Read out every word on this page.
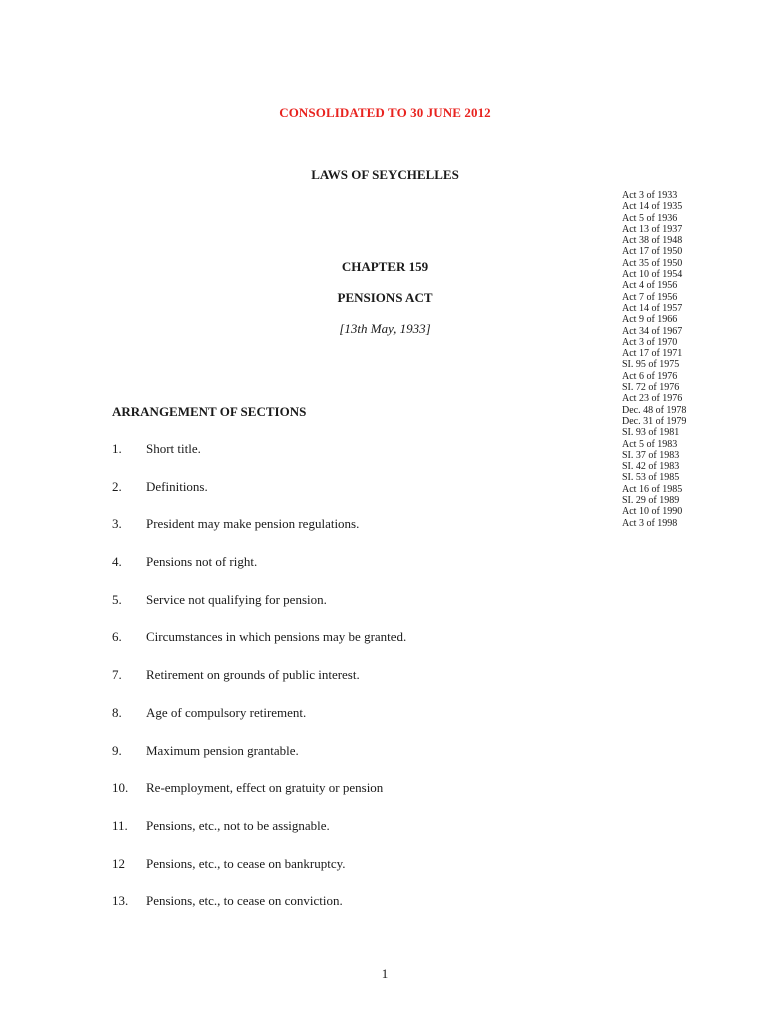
CONSOLIDATED TO 30 JUNE 2012
LAWS OF SEYCHELLES
CHAPTER 159
PENSIONS ACT
[13th May, 1933]
Act 3 of 1933
Act 14 of 1935
Act 5 of 1936
Act 13 of 1937
Act 38 of 1948
Act 17 of 1950
Act 35 of 1950
Act 10 of 1954
Act 4 of 1956
Act 7 of 1956
Act 14 of 1957
Act 9 of 1966
Act 34 of 1967
Act 3 of 1970
Act 17 of 1971
SI. 95 of 1975
Act 6 of 1976
SI. 72 of 1976
Act 23 of 1976
Dec. 48 of 1978
Dec. 31 of 1979
SI. 93 of 1981
Act 5 of 1983
SI. 37 of 1983
SI. 42 of 1983
SI. 53 of 1985
Act 16 of 1985
SI. 29 of 1989
Act 10 of 1990
Act 3 of 1998
ARRANGEMENT OF SECTIONS
1.	Short title.
2.	Definitions.
3.	President may make pension regulations.
4.	Pensions not of right.
5.	Service not qualifying for pension.
6.	Circumstances in which pensions may be granted.
7.	Retirement on grounds of public interest.
8.	Age of compulsory retirement.
9.	Maximum pension grantable.
10.	Re-employment, effect on gratuity or pension
11.	Pensions, etc., not to be assignable.
12	Pensions, etc., to cease on bankruptcy.
13.	Pensions, etc., to cease on conviction.
1
